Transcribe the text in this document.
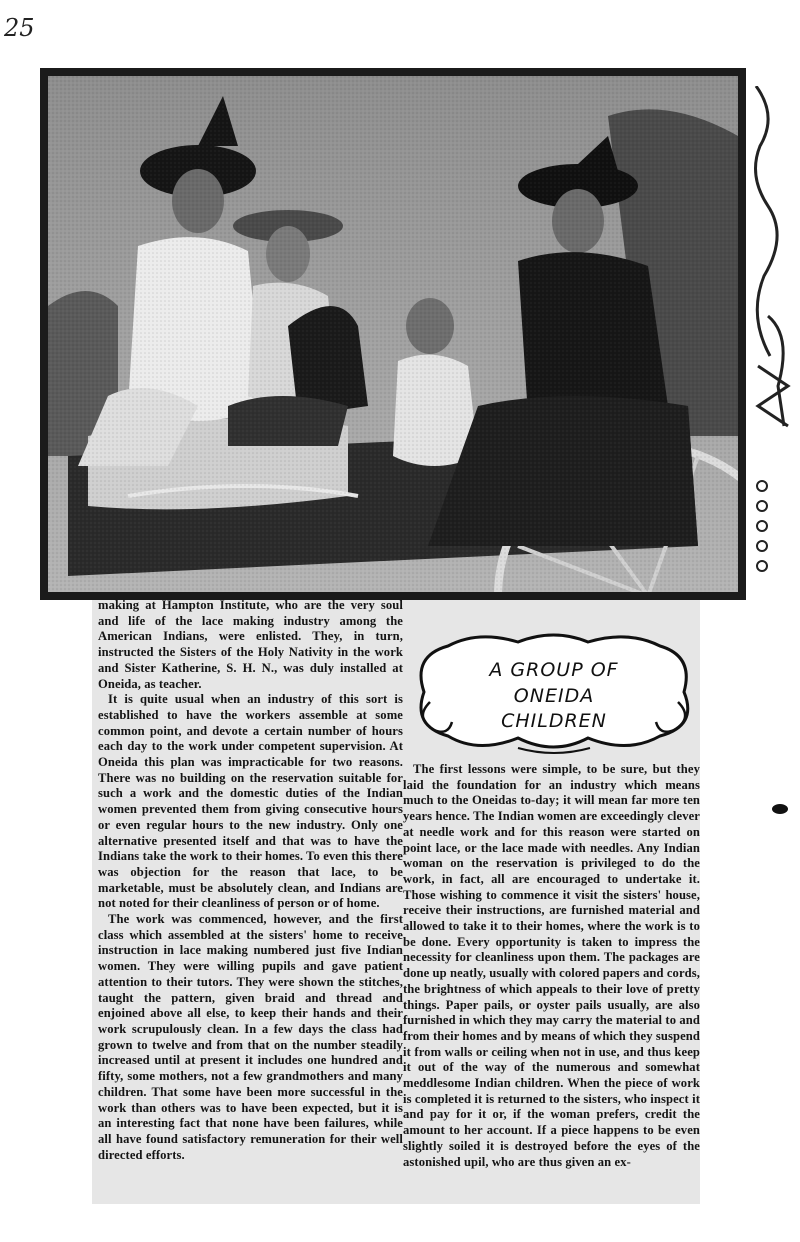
25

making at Hampton Institute, who are the very soul and life of the lace making industry among the American Indians, were enlisted. They, in turn, instructed the Sisters of the Holy Nativity in the work and Sister Katherine, S. H. N., was duly installed at Oneida, as teacher.

It is quite usual when an industry of this sort is established to have the workers assemble at some common point, and devote a certain number of hours each day to the work under competent supervision. At Oneida this plan was impracticable for two reasons. There was no building on the reservation suitable for such a work and the domestic duties of the Indian women prevented them from giving consecutive hours or even regular hours to the new industry. Only one alternative presented itself and that was to have the Indians take the work to their homes. To even this there was objection for the reason that lace, to be marketable, must be absolutely clean, and Indians are not noted for their cleanliness of person or of home.

The work was commenced, however, and the first class which assembled at the sisters' home to receive instruction in lace making numbered just five Indian women. They were willing pupils and gave patient attention to their tutors. They were shown the stitches, taught the pattern, given braid and thread and enjoined above all else, to keep their hands and their work scrupulously clean. In a few days the class had grown to twelve and from that on the number steadily increased until at present it includes one hundred and fifty, some mothers, not a few grandmothers and many children. That some have been more successful in the work than others was to have been expected, but it is an interesting fact that none have been failures, while all have found satisfactory remuneration for their well directed efforts.

A GROUP OF
ONEIDA
CHILDREN

The first lessons were simple, to be sure, but they laid the foundation for an industry which means much to the Oneidas to-day; it will mean far more ten years hence. The Indian women are exceedingly clever at needle work and for this reason were started on point lace, or the lace made with needles. Any Indian woman on the reservation is privileged to do the work, in fact, all are encouraged to undertake it. Those wishing to commence it visit the sisters' house, receive their instructions, are furnished material and allowed to take it to their homes, where the work is to be done. Every opportunity is taken to impress the necessity for cleanliness upon them. The packages are done up neatly, usually with colored papers and cords, the brightness of which appeals to their love of pretty things. Paper pails, or oyster pails usually, are also furnished in which they may carry the material to and from their homes and by means of which they suspend it from walls or ceiling when not in use, and thus keep it out of the way of the numerous and somewhat meddlesome Indian children. When the piece of work is completed it is returned to the sisters, who inspect it and pay for it or, if the woman prefers, credit the amount to her account. If a piece happens to be even slightly soiled it is destroyed before the eyes of the astonished upil, who are thus given an ex-
